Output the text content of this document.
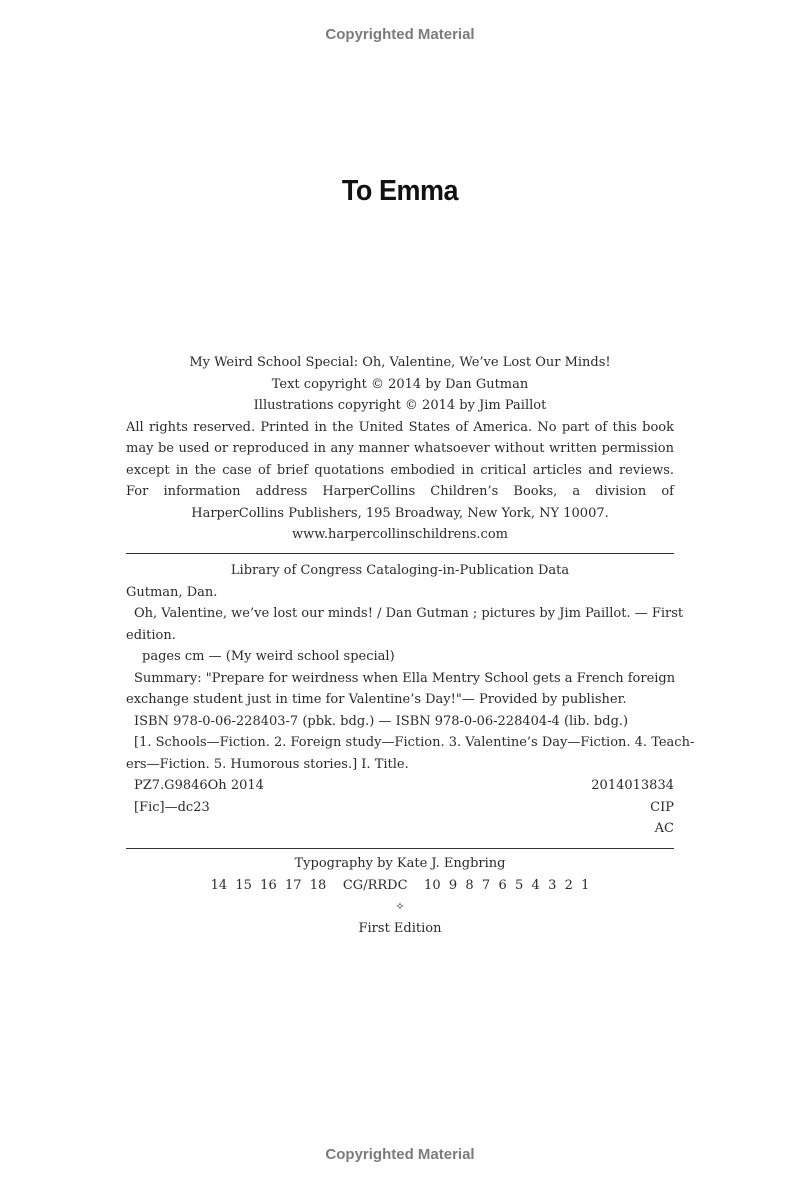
Copyrighted Material
To Emma
My Weird School Special: Oh, Valentine, We’ve Lost Our Minds!
Text copyright © 2014 by Dan Gutman
Illustrations copyright © 2014 by Jim Paillot
All rights reserved. Printed in the United States of America. No part of this book may be used or reproduced in any manner whatsoever without written permission except in the case of brief quotations embodied in critical articles and reviews. For information address HarperCollins Children’s Books, a division of HarperCollins Publishers, 195 Broadway, New York, NY 10007.
www.harpercollinschildrens.com
Library of Congress Cataloging-in-Publication Data
Gutman, Dan.
Oh, Valentine, we’ve lost our minds! / Dan Gutman ; pictures by Jim Paillot. — First
edition.
pages cm — (My weird school special)
Summary: "Prepare for weirdness when Ella Mentry School gets a French foreign
exchange student just in time for Valentine’s Day!"— Provided by publisher.
ISBN 978-0-06-228403-7 (pbk. bdg.) — ISBN 978-0-06-228404-4 (lib. bdg.)
[1. Schools—Fiction. 2. Foreign study—Fiction. 3. Valentine’s Day—Fiction. 4. Teach-
ers—Fiction. 5. Humorous stories.] I. Title.
PZ7.G9846Oh 2014	2014013834
[Fic]—dc23	CIP
AC
Typography by Kate J. Engbring
14  15  16  17  18    CG/RRDC    10  9  8  7  6  5  4  3  2  1
✧
First Edition
Copyrighted Material
